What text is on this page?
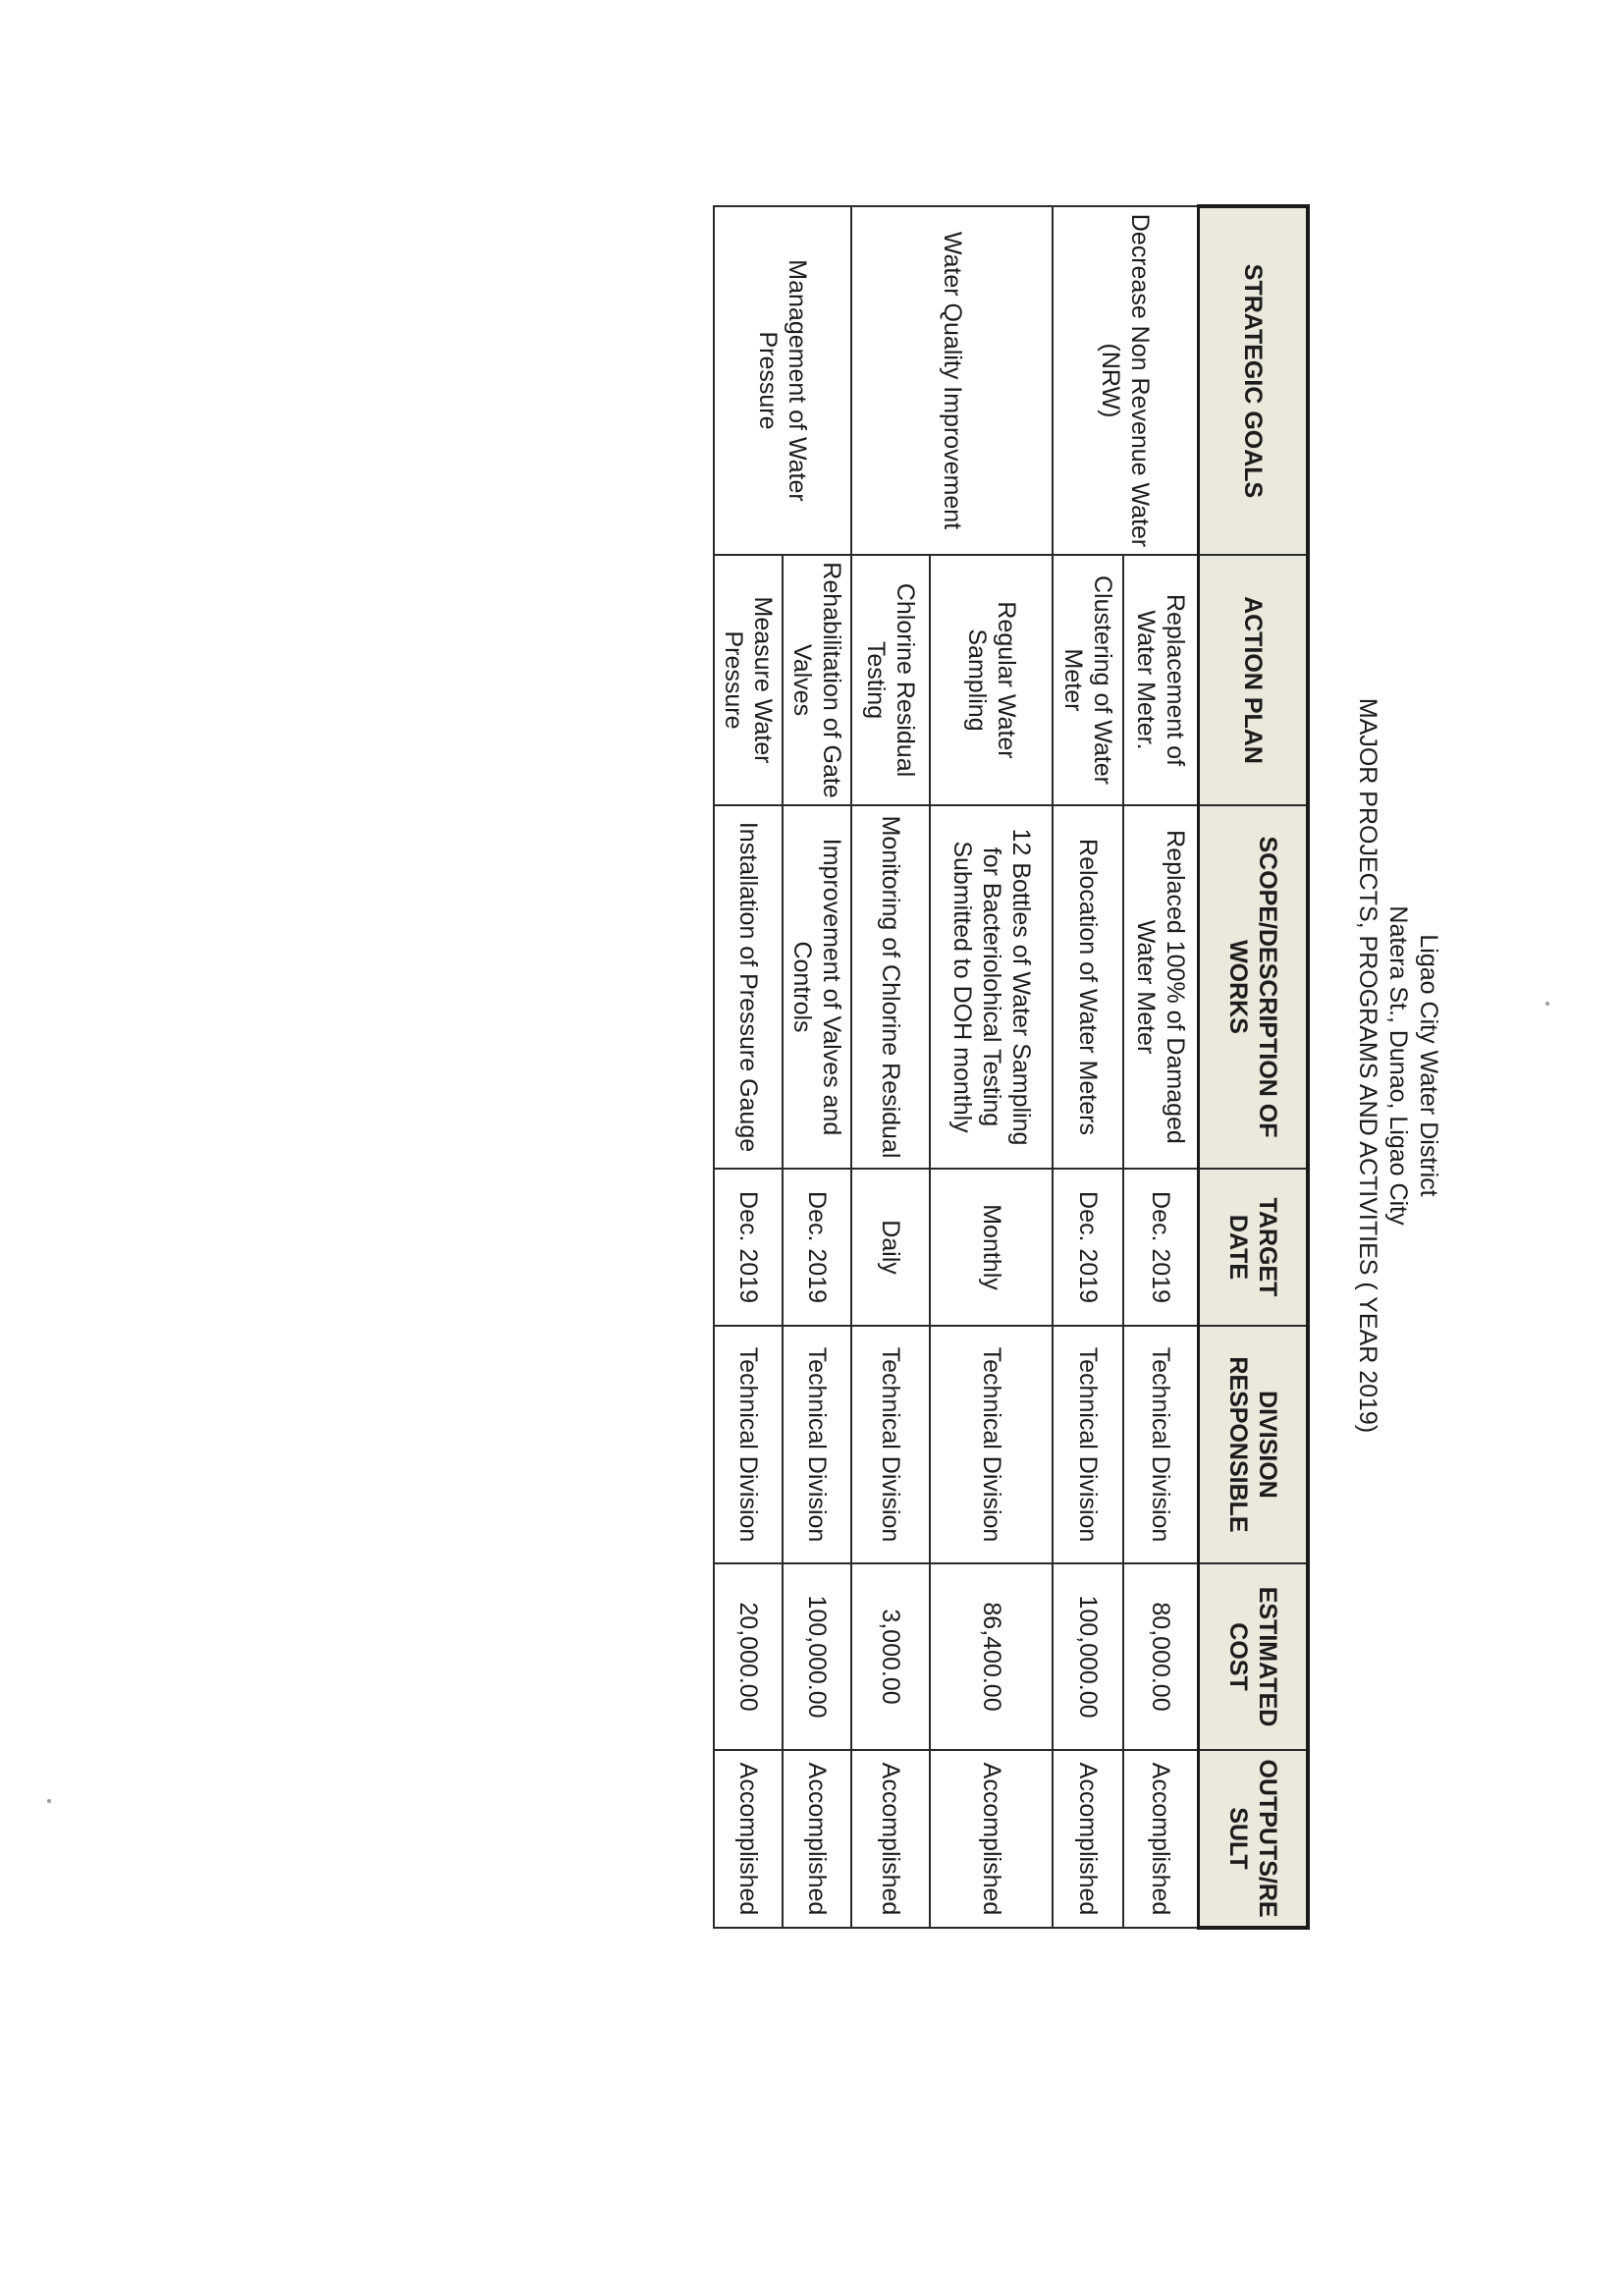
Ligao City Water District
Natera St., Dunao, Ligao City
MAJOR PROJECTS, PROGRAMS AND ACTIVITIES ( YEAR 2019)
STRATEGIC GOALS	ACTION PLAN	SCOPE/DESCRIPTION OF WORKS	TARGET DATE	DIVISION RESPONSIBLE	ESTIMATED COST	OUTPUTS/RESULT
Decrease Non Revenue Water (NRW)	Replacement of Water Meter.	Replaced 100% of Damaged Water Meter	Dec. 2019	Technical Division	80,000.00	Accomplished
	Clustering of Water Meter	Relocation of Water Meters	Dec. 2019	Technical Division	100,000.00	Accomplished
Water Quality Improvement	Regular Water Sampling	12 Bottles of Water Sampling for Bacteriolohical Testing Submitted to DOH monthly	Monthly	Technical Division	86,400.00	Accomplished
	Chlorine Residual Testing	Monitoring of Chlorine Residual	Daily	Technical Division	3,000.00	Accomplished
Management of Water Pressure	Rehabilitation of Gate Valves	Improvement of Valves and Controls	Dec. 2019	Technical Division	100,000.00	Accomplished
	Measure Water Pressure	Installation of Pressure Gauge	Dec. 2019	Technical Division	20,000.00	Accomplished
